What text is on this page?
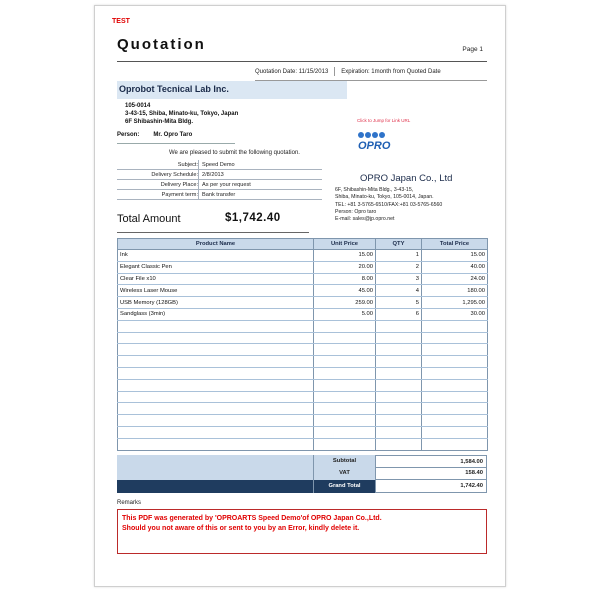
TEST
Quotation	Page 1
Quotation Date: 11/15/2013 Expiration: 1month from Quoted Date
Oprobot Tecnical Lab Inc.
105-0014
3-43-15, Shiba, Minato-ku, Tokyo, Japan
6F Shibashin-Mita Bldg.
Person: Mr. Opro Taro
Click to Jump for Link URL
OPRO
We are pleased to submit the following quotation.
Subject: Speed Demo
Delivery Schedule: 2/8/2013
Delivery Place: As per your request
Payment term: Bank transfer
OPRO Japan Co., Ltd
6F, Shibashin-Mita Bldg., 3-43-15,
Shiba, Minato-ku, Tokyo, 105-0014, Japan.
TEL: +81 3-5765-6510/FAX:+81 03-5765-6560
Person: Opro taro
E-mail: sales@jp.opro.net
Total Amount	$1,742.40
Product Name	Unit Price	QTY	Total Price
Ink	15.00	1	15.00
Elegant Classic Pen	20.00	2	40.00
Clear File x10	8.00	3	24.00
Wireless Laser Mouse	45.00	4	180.00
USB Memory (128GB)	259.00	5	1,295.00
Sandglass (3min)	5.00	6	30.00

Subtotal	1,584.00
VAT	158.40
Grand Total	1,742.40
Remarks
This PDF was generated by 'OPROARTS Speed Demo'of OPRO Japan Co.,Ltd.
Should you not aware of this or sent to you by an Error, kindly delete it.
